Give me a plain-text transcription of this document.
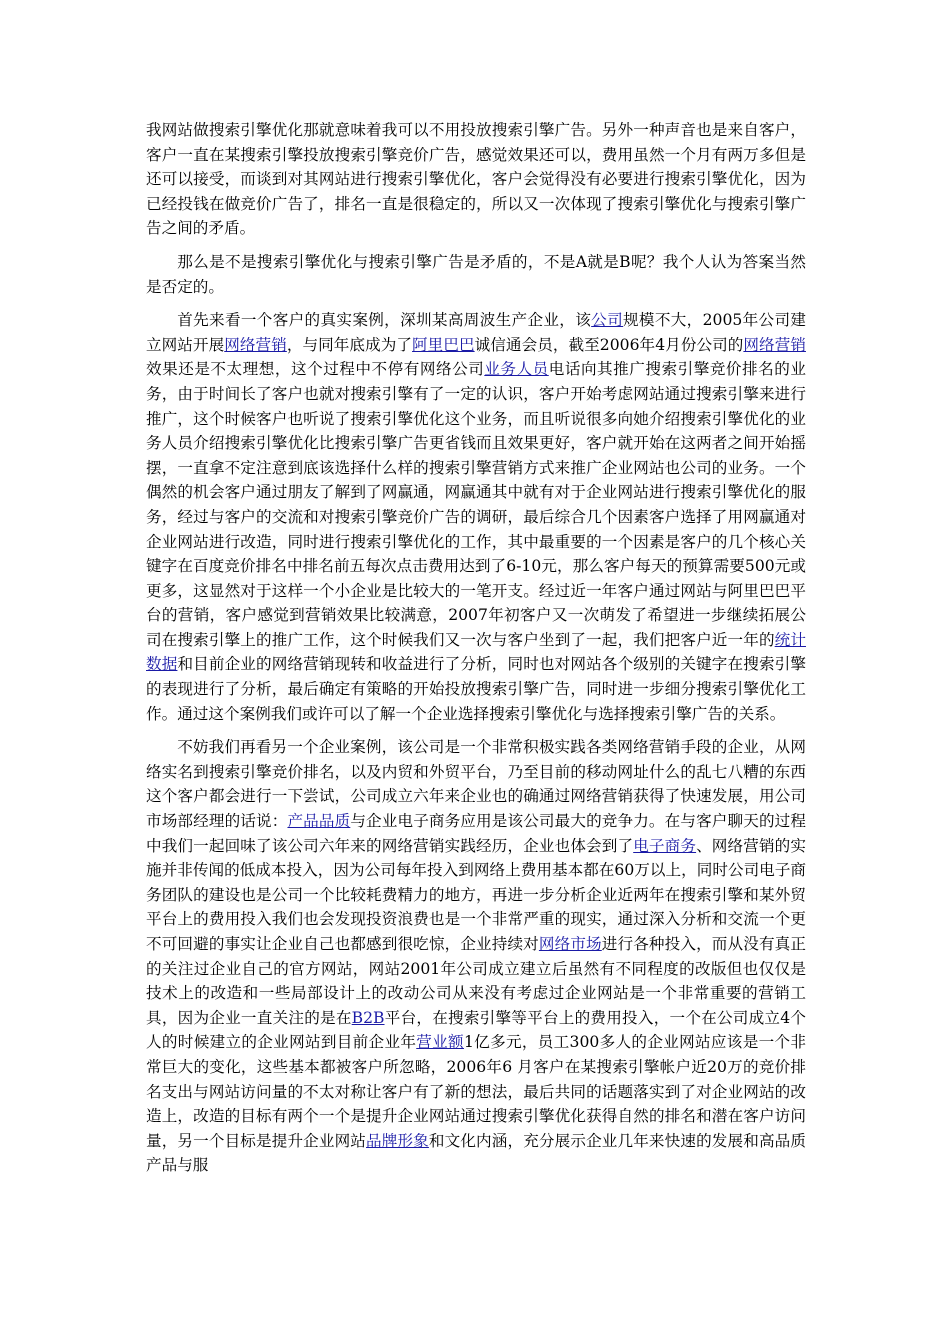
我网站做搜索引擎优化那就意味着我可以不用投放搜索引擎广告。另外一种声音也是来自客户，客户一直在某搜索引擎投放搜索引擎竞价广告，感觉效果还可以，费用虽然一个月有两万多但是还可以接受，而谈到对其网站进行搜索引擎优化，客户会觉得没有必要进行搜索引擎优化，因为已经投钱在做竞价广告了，排名一直是很稳定的，所以又一次体现了搜索引擎优化与搜索引擎广告之间的矛盾。

那么是不是搜索引擎优化与搜索引擎广告是矛盾的，不是A就是B呢？我个人认为答案当然是否定的。

首先来看一个客户的真实案例，深圳某高周波生产企业，该公司规模不大，2005年公司建立网站开展网络营销，与同年底成为了阿里巴巴诚信通会员，截至2006年4月份公司的网络营销效果还是不太理想，这个过程中不停有网络公司业务人员电话向其推广搜索引擎竞价排名的业务，由于时间长了客户也就对搜索引擎有了一定的认识，客户开始考虑网站通过搜索引擎来进行推广，这个时候客户也听说了搜索引擎优化这个业务，而且听说很多向她介绍搜索引擎优化的业务人员介绍搜索引擎优化比搜索引擎广告更省钱而且效果更好，客户就开始在这两者之间开始摇摆，一直拿不定注意到底该选择什么样的搜索引擎营销方式来推广企业网站也公司的业务。一个偶然的机会客户通过朋友了解到了网赢通，网赢通其中就有对于企业网站进行搜索引擎优化的服务，经过与客户的交流和对搜索引擎竞价广告的调研，最后综合几个因素客户选择了用网赢通对企业网站进行改造，同时进行搜索引擎优化的工作，其中最重要的一个因素是客户的几个核心关键字在百度竞价排名中排名前五每次点击费用达到了6-10元，那么客户每天的预算需要500元或更多，这显然对于这样一个小企业是比较大的一笔开支。经过近一年客户通过网站与阿里巴巴平台的营销，客户感觉到营销效果比较满意，2007年初客户又一次萌发了希望进一步继续拓展公司在搜索引擎上的推广工作，这个时候我们又一次与客户坐到了一起，我们把客户近一年的统计数据和目前企业的网络营销现转和收益进行了分析，同时也对网站各个级别的关键字在搜索引擎的表现进行了分析，最后确定有策略的开始投放搜索引擎广告，同时进一步细分搜索引擎优化工作。通过这个案例我们或许可以了解一个企业选择搜索引擎优化与选择搜索引擎广告的关系。

不妨我们再看另一个企业案例，该公司是一个非常积极实践各类网络营销手段的企业，从网络实名到搜索引擎竞价排名，以及内贸和外贸平台，乃至目前的移动网址什么的乱七八糟的东西这个客户都会进行一下尝试，公司成立六年来企业也的确通过网络营销获得了快速发展，用公司市场部经理的话说：产品品质与企业电子商务应用是该公司最大的竞争力。在与客户聊天的过程中我们一起回味了该公司六年来的网络营销实践经历，企业也体会到了电子商务、网络营销的实施并非传闻的低成本投入，因为公司每年投入到网络上费用基本都在60万以上，同时公司电子商务团队的建设也是公司一个比较耗费精力的地方，再进一步分析企业近两年在搜索引擎和某外贸平台上的费用投入我们也会发现投资浪费也是一个非常严重的现实，通过深入分析和交流一个更不可回避的事实让企业自己也都感到很吃惊，企业持续对网络市场进行各种投入，而从没有真正的关注过企业自己的官方网站，网站2001年公司成立建立后虽然有不同程度的改版但也仅仅是技术上的改造和一些局部设计上的改动公司从来没有考虑过企业网站是一个非常重要的营销工具，因为企业一直关注的是在B2B平台，在搜索引擎等平台上的费用投入，一个在公司成立4个人的时候建立的企业网站到目前企业年营业额1亿多元，员工300多人的企业网站应该是一个非常巨大的变化，这些基本都被客户所忽略，2006年6 月客户在某搜索引擎帐户近20万的竞价排名支出与网站访问量的不太对称让客户有了新的想法，最后共同的话题落实到了对企业网站的改造上，改造的目标有两个一个是提升企业网站通过搜索引擎优化获得自然的排名和潜在客户访问量，另一个目标是提升企业网站品牌形象和文化内涵，充分展示企业几年来快速的发展和高品质产品与服
